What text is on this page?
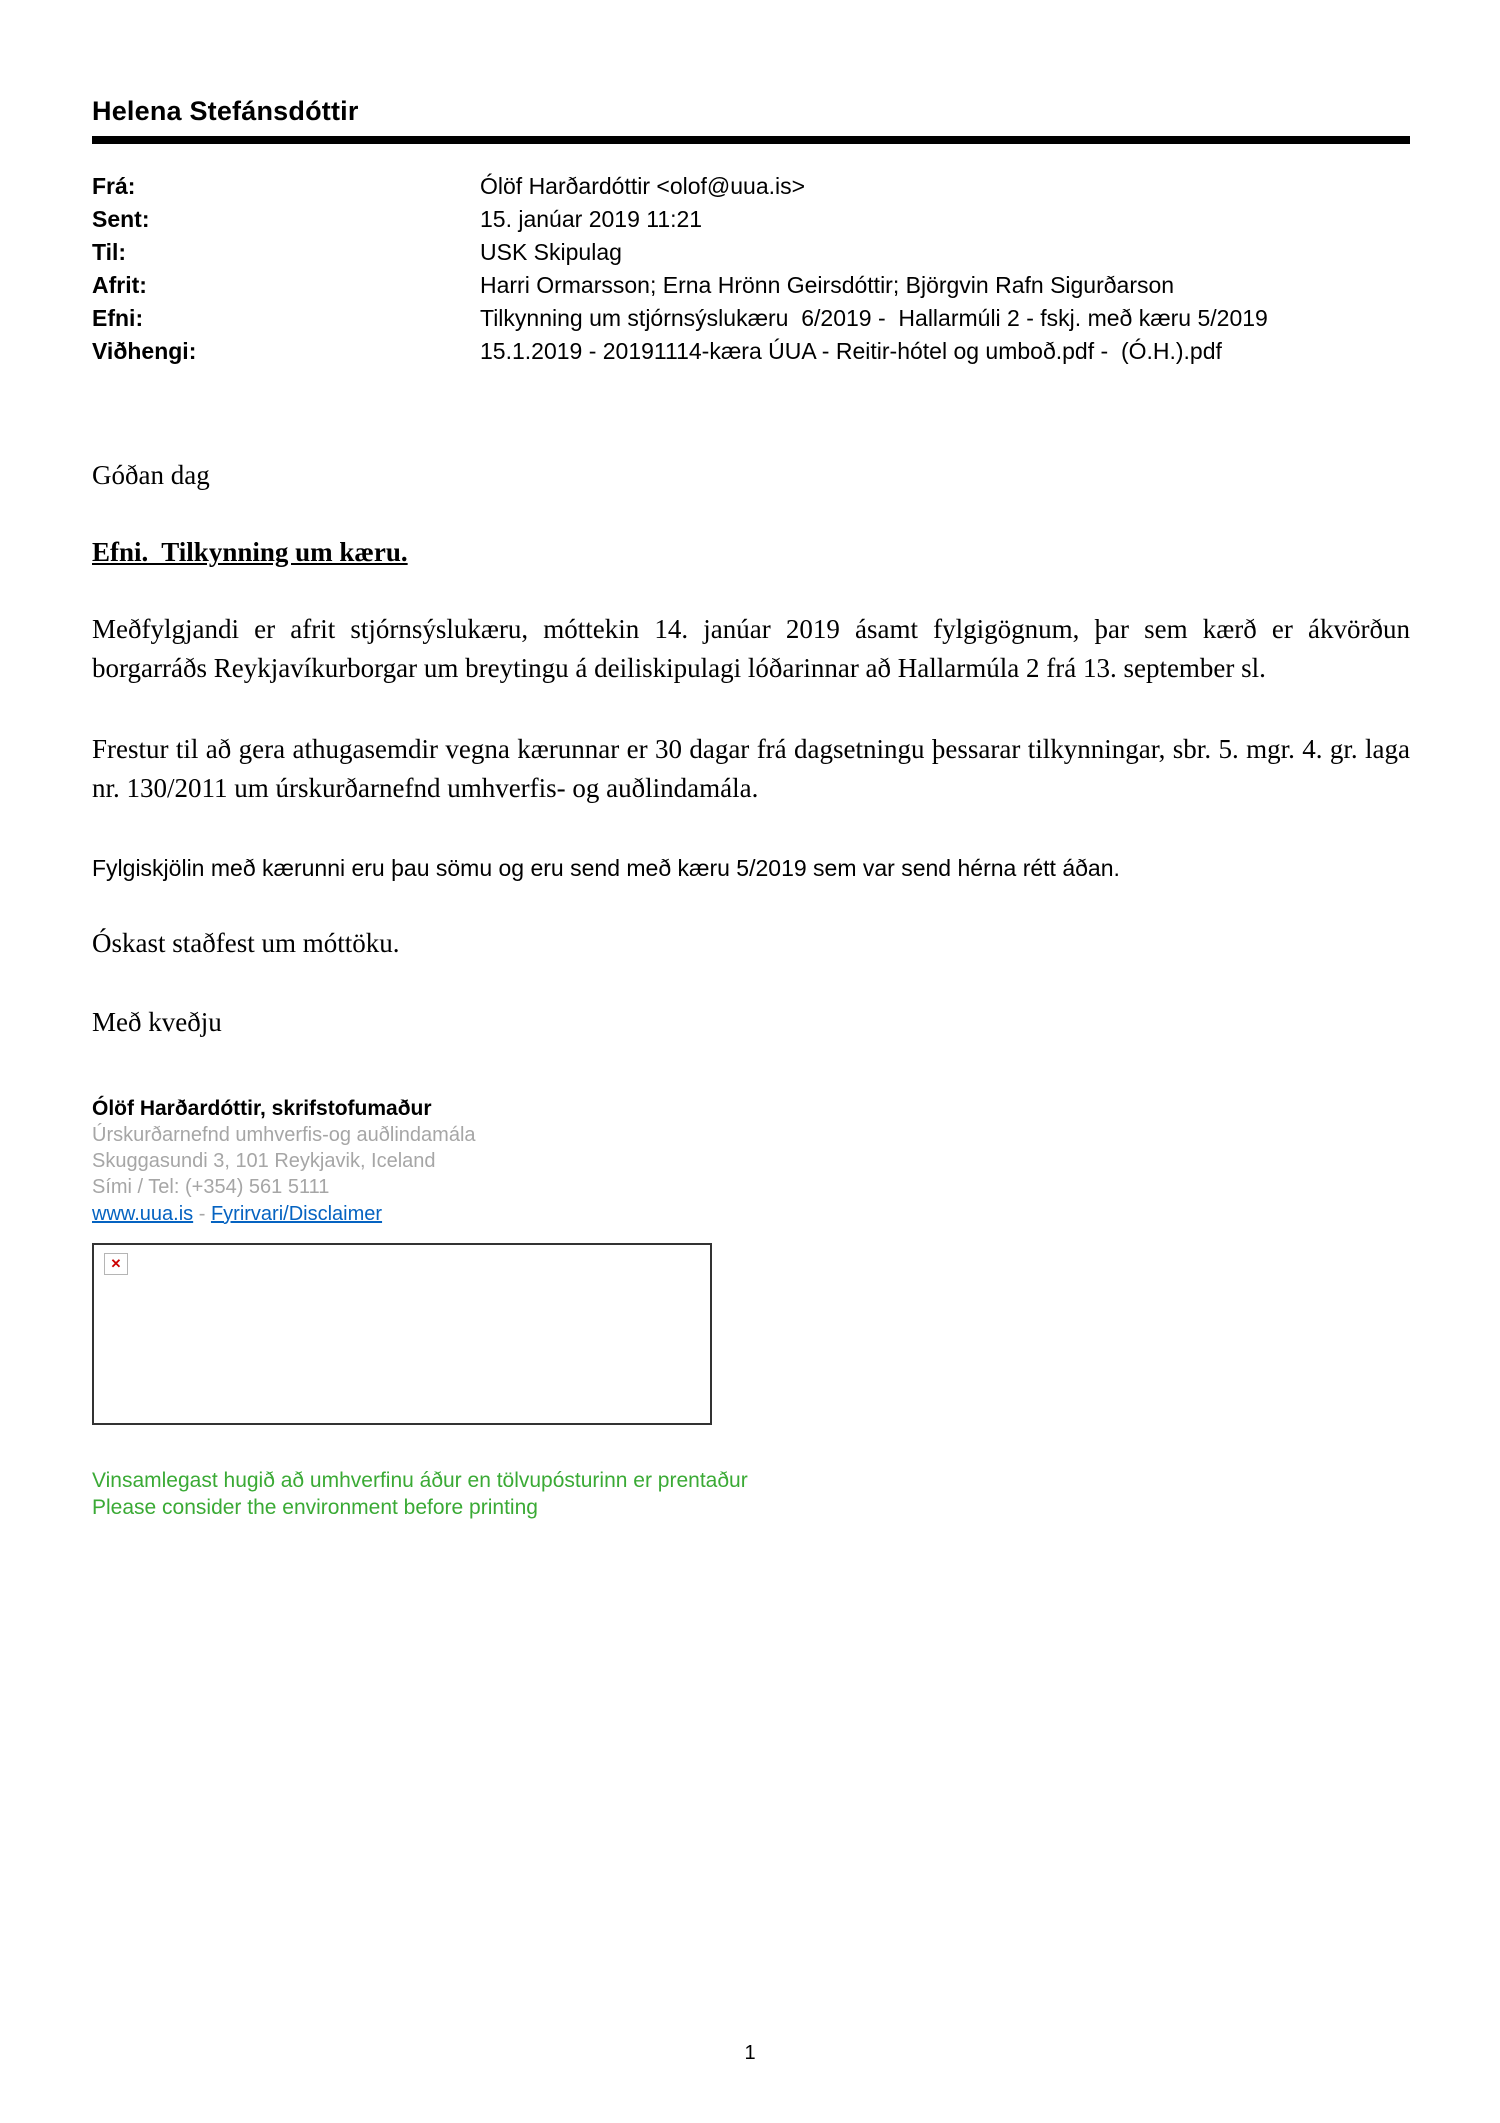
Helena Stefánsdóttir
Frá:	Ólöf Harðardóttir <olof@uua.is>
Sent:	15. janúar 2019 11:21
Til:	USK Skipulag
Afrit:	Harri Ormarsson; Erna Hrönn Geirsdóttir; Björgvin Rafn Sigurðarson
Efni:	Tilkynning um stjórnsýslukæru  6/2019 -  Hallarmúli 2 - fskj. með kæru 5/2019
Viðhengi:	15.1.2019 - 20191114-kæra ÚUA - Reitir-hótel og umboð.pdf -  (Ó.H.).pdf
Góðan dag
Efni.  Tilkynning um kæru.
Meðfylgjandi er afrit stjórnsýslukæru, móttekin 14. janúar 2019 ásamt fylgigögnum, þar sem kærð er ákvörðun borgarráðs Reykjavíkurborgar um breytingu á deiliskipulagi lóðarinnar að Hallarmúla 2 frá 13. september sl.
Frestur til að gera athugasemdir vegna kærunnar er 30 dagar frá dagsetningu þessarar tilkynningar, sbr. 5. mgr. 4. gr. laga nr. 130/2011 um úrskurðarnefnd umhverfis- og auðlindamála.
Fylgiskjölin með kærunni eru þau sömu og eru send með kæru 5/2019 sem var send hérna rétt áðan.
Óskast staðfest um móttöku.
Með kveðju
Ólöf Harðardóttir, skrifstofumaður
Úrskurðarnefnd umhverfis-og auðlindamála
Skuggasundi 3, 101 Reykjavik, Iceland
Sími / Tel: (+354) 561 5111
www.uua.is - Fyrirvari/Disclaimer
✕
Vinsamlegast hugið að umhverfinu áður en tölvupósturinn er prentaður
Please consider the environment before printing
1
